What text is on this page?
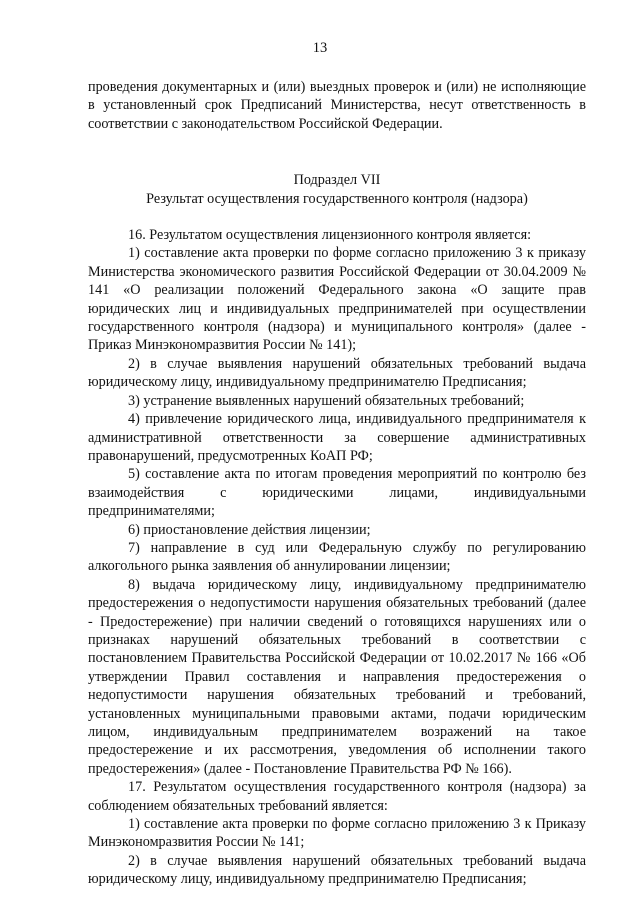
13

проведения документарных и (или) выездных проверок и (или) не исполняющие в установленный срок Предписаний Министерства, несут ответственность в соответствии с законодательством Российской Федерации.

Подраздел VII

Результат осуществления государственного контроля (надзора)

16. Результатом осуществления лицензионного контроля является:

1) составление акта проверки по форме согласно приложению 3 к приказу Министерства экономического развития Российской Федерации от 30.04.2009 № 141 «О реализации положений Федерального закона «О защите прав юридических лиц и индивидуальных предпринимателей при осуществлении государственного контроля (надзора) и муниципального контроля» (далее - Приказ Минэкономразвития России № 141);

2) в случае выявления нарушений обязательных требований выдача юридическому лицу, индивидуальному предпринимателю Предписания;

3) устранение выявленных нарушений обязательных требований;

4) привлечение юридического лица, индивидуального предпринимателя к административной ответственности за совершение административных правонарушений, предусмотренных КоАП РФ;

5) составление акта по итогам проведения мероприятий по контролю без взаимодействия с юридическими лицами, индивидуальными предпринимателями;

6) приостановление действия лицензии;

7) направление в суд или Федеральную службу по регулированию алкогольного рынка заявления об аннулировании лицензии;

8) выдача юридическому лицу, индивидуальному предпринимателю предостережения о недопустимости нарушения обязательных требований (далее - Предостережение) при наличии сведений о готовящихся нарушениях или о признаках нарушений обязательных требований в соответствии с постановлением Правительства Российской Федерации от 10.02.2017 № 166 «Об утверждении Правил составления и направления предостережения о недопустимости нарушения обязательных требований и требований, установленных муниципальными правовыми актами, подачи юридическим лицом, индивидуальным предпринимателем возражений на такое предостережение и их рассмотрения, уведомления об исполнении такого предостережения» (далее - Постановление Правительства РФ № 166).

17. Результатом осуществления государственного контроля (надзора) за соблюдением обязательных требований является:

1) составление акта проверки по форме согласно приложению 3 к Приказу Минэкономразвития России № 141;

2) в случае выявления нарушений обязательных требований выдача юридическому лицу, индивидуальному предпринимателю Предписания;
